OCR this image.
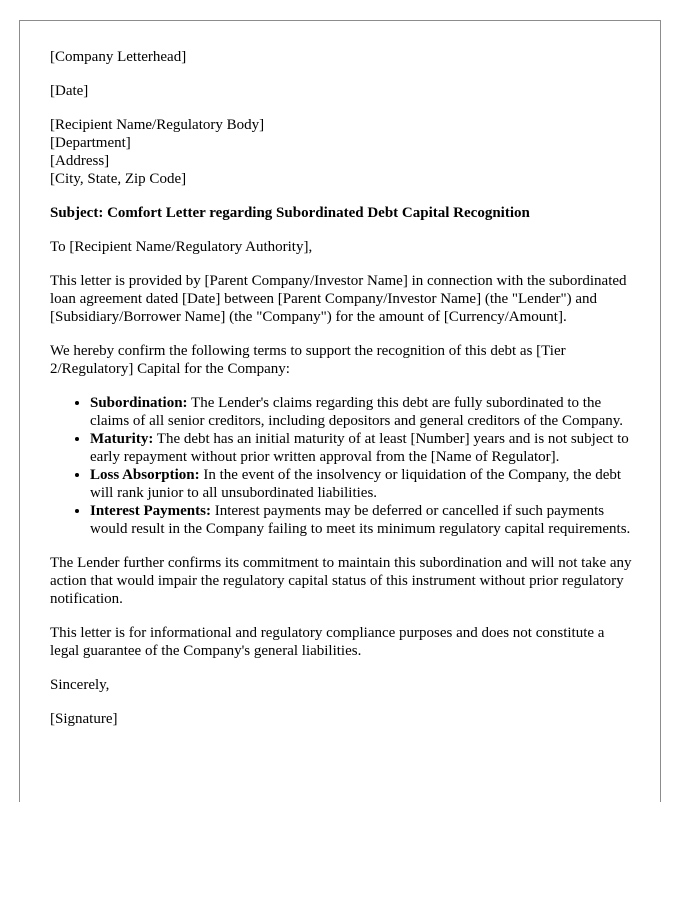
[Company Letterhead]

[Date]

[Recipient Name/Regulatory Body]
[Department]
[Address]
[City, State, Zip Code]

Subject: Comfort Letter regarding Subordinated Debt Capital Recognition

To [Recipient Name/Regulatory Authority],

This letter is provided by [Parent Company/Investor Name] in connection with the subordinated loan agreement dated [Date] between [Parent Company/Investor Name] (the "Lender") and [Subsidiary/Borrower Name] (the "Company") for the amount of [Currency/Amount].

We hereby confirm the following terms to support the recognition of this debt as [Tier 2/Regulatory] Capital for the Company:

• Subordination: The Lender's claims regarding this debt are fully subordinated to the claims of all senior creditors, including depositors and general creditors of the Company.
• Maturity: The debt has an initial maturity of at least [Number] years and is not subject to early repayment without prior written approval from the [Name of Regulator].
• Loss Absorption: In the event of the insolvency or liquidation of the Company, the debt will rank junior to all unsubordinated liabilities.
• Interest Payments: Interest payments may be deferred or cancelled if such payments would result in the Company failing to meet its minimum regulatory capital requirements.

The Lender further confirms its commitment to maintain this subordination and will not take any action that would impair the regulatory capital status of this instrument without prior regulatory notification.

This letter is for informational and regulatory compliance purposes and does not constitute a legal guarantee of the Company's general liabilities.

Sincerely,

[Signature]
